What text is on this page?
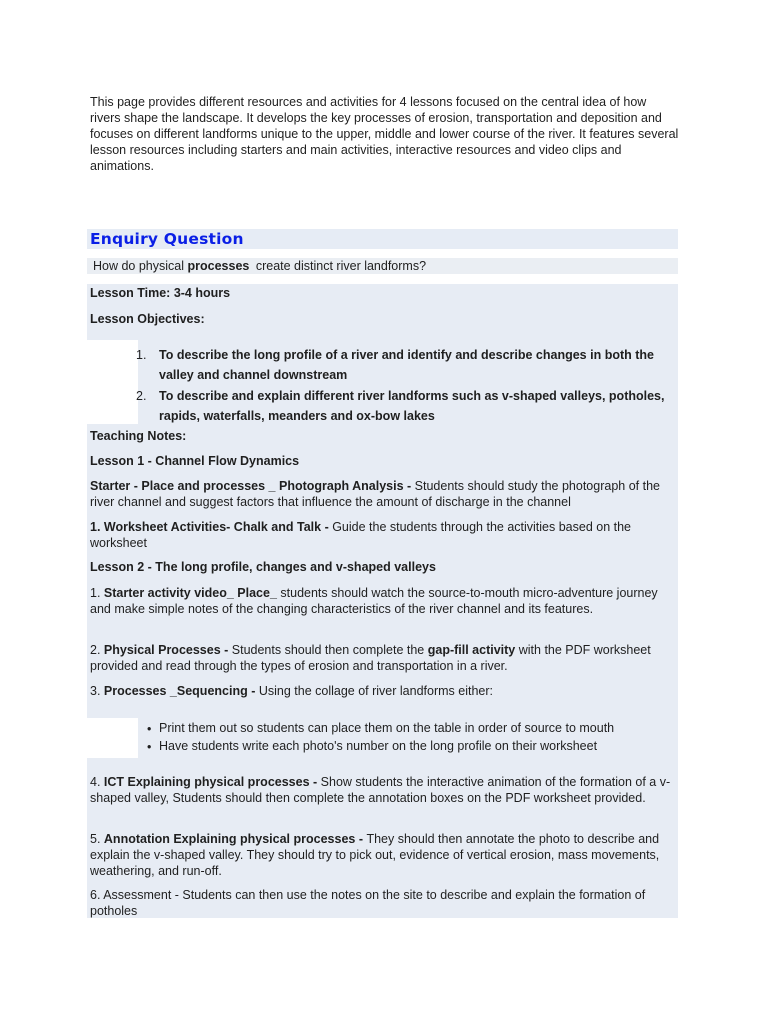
This page provides different resources and activities for 4 lessons focused on the central idea of how rivers shape the landscape. It develops the key processes of erosion, transportation and deposition and focuses on different landforms unique to the upper, middle and lower course of the river. It features several lesson resources including starters and main activities, interactive resources and video clips and animations.
Enquiry Question
How do physical processes create distinct river landforms?
Lesson Time: 3-4 hours
Lesson Objectives:
1. To describe the long profile of a river and identify and describe changes in both the valley and channel downstream
2. To describe and explain different river landforms such as v-shaped valleys, potholes, rapids, waterfalls, meanders and ox-bow lakes
Teaching Notes:
Lesson 1 - Channel Flow Dynamics
Starter - Place and processes _ Photograph Analysis - Students should study the photograph of the river channel and suggest factors that influence the amount of discharge in the channel
1. Worksheet Activities- Chalk and Talk - Guide the students through the activities based on the worksheet
Lesson 2 - The long profile, changes and v-shaped valleys
1. Starter activity video_ Place_ students should watch the source-to-mouth micro-adventure journey and make simple notes of the changing characteristics of the river channel and its features.
2. Physical Processes - Students should then complete the gap-fill activity with the PDF worksheet provided and read through the types of erosion and transportation in a river.
3. Processes _Sequencing - Using the collage of river landforms either:
• Print them out so students can place them on the table in order of source to mouth
• Have students write each photo's number on the long profile on their worksheet
4. ICT Explaining physical processes - Show students the interactive animation of the formation of a v-shaped valley, Students should then complete the annotation boxes on the PDF worksheet provided.
5. Annotation Explaining physical processes - They should then annotate the photo to describe and explain the v-shaped valley. They should try to pick out, evidence of vertical erosion, mass movements, weathering, and run-off.
6. Assessment - Students can then use the notes on the site to describe and explain the formation of potholes
